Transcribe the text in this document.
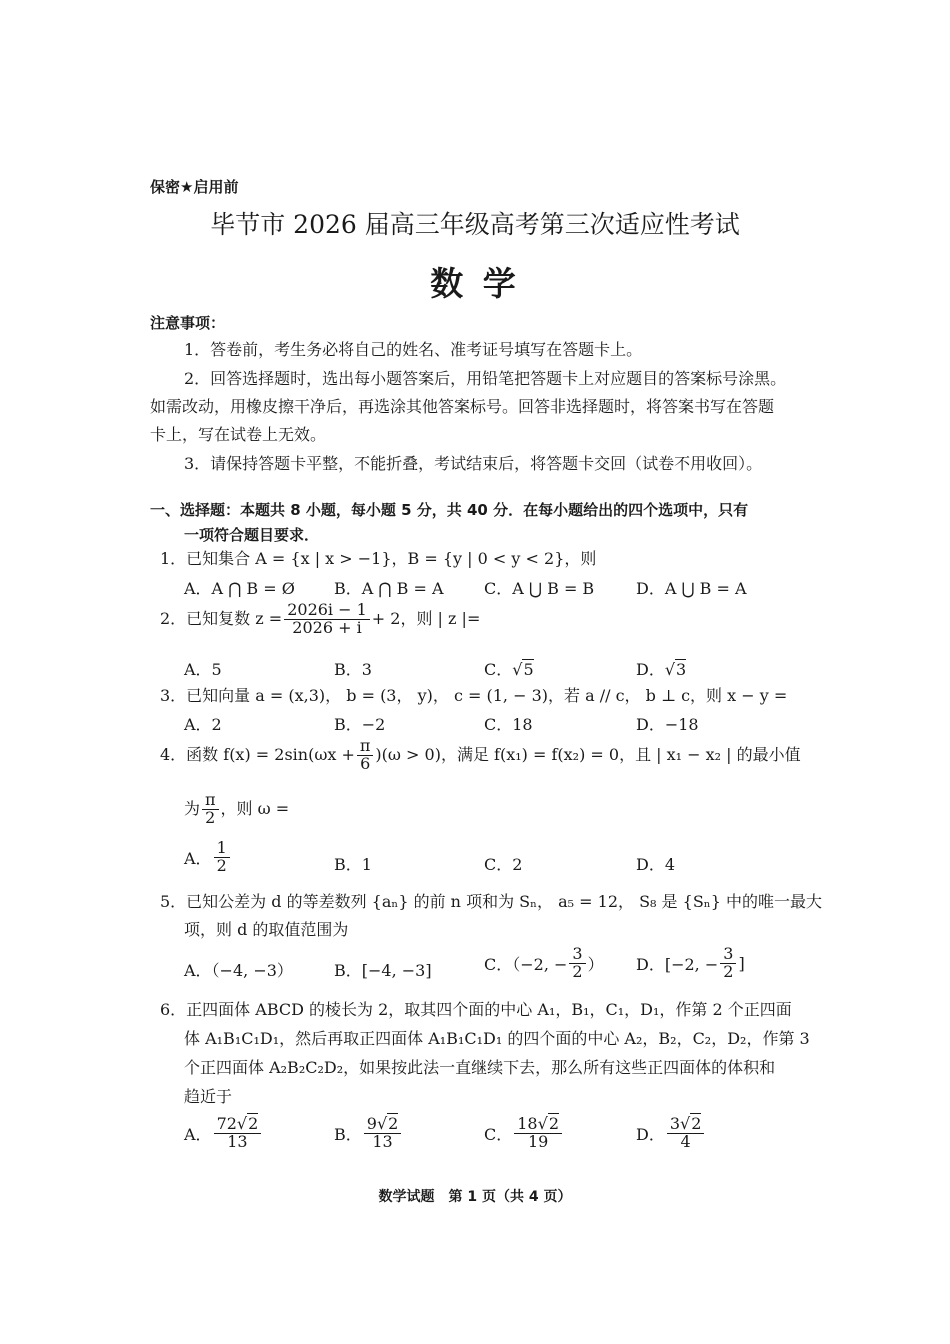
保密★启用前
毕节市 2026 届高三年级高考第三次适应性考试
数 学
注意事项：
1．答卷前，考生务必将自己的姓名、准考证号填写在答题卡上。
2．回答选择题时，选出每小题答案后，用铅笔把答题卡上对应题目的答案标号涂黑。
如需改动，用橡皮擦干净后，再选涂其他答案标号。回答非选择题时，将答案书写在答题
卡上，写在试卷上无效。
3．请保持答题卡平整，不能折叠，考试结束后，将答题卡交回（试卷不用收回）。
一、选择题：本题共 8 小题，每小题 5 分，共 40 分．在每小题给出的四个选项中，只有
一项符合题目要求．
1．已知集合 A = {x | x > −1}，B = {y | 0 < y < 2}，则
A．A ⋂ B = Ø B．A ⋂ B = A	C．A ⋃ B = B	D．A ⋃ B = A
2．已知复数 $z = \frac{2026i - 1}{2026 + i} + 2$，则 | z |=
A．5	B．3	C．√5	D．√3
3．已知向量 a = (x,3)， b = (3， y)， c = (1, − 3)，若 a // c， b ⊥ c，则 x − y =
A．2	B．−2	C．18	D．−18
4．函数 $f(x) = 2\sin(\omega x + \frac{\pi}{6} )(\omega > 0)$，满足 f(x₁) = f(x₂) = 0，且 | x₁ − x₂ | 的最小值
为 $\frac{\pi}{2}$ ，则 ω =
A． $\frac{1}{2}$	B．1	C．2	D．4
5．已知公差为 d 的等差数列 {aₙ} 的前 n 项和为 Sₙ， a₅ = 12， S₈ 是 {Sₙ} 中的唯一最大
项，则 d 的取值范围为
A．（−4, −3）	B．[−4, −3]	C．（−2, − $\frac{3}{2}$ ） D．[−2, − $\frac{3}{2}$ ]
6．正四面体 ABCD 的棱长为 2，取其四个面的中心 A₁，B₁，C₁，D₁，作第 2 个正四面
体 A₁B₁C₁D₁，然后再取正四面体 A₁B₁C₁D₁ 的四个面的中心 A₂，B₂，C₂，D₂，作第 3
个正四面体 A₂B₂C₂D₂，如果按此法一直继续下去，那么所有这些正四面体的体积和
趋近于
A． $\frac{72√2}{13}$	B． $\frac{9√2}{13}$	C． $\frac{18√2}{19}$	D． $\frac{3√2}{4}$
数学试题　第 1 页（共 4 页）
